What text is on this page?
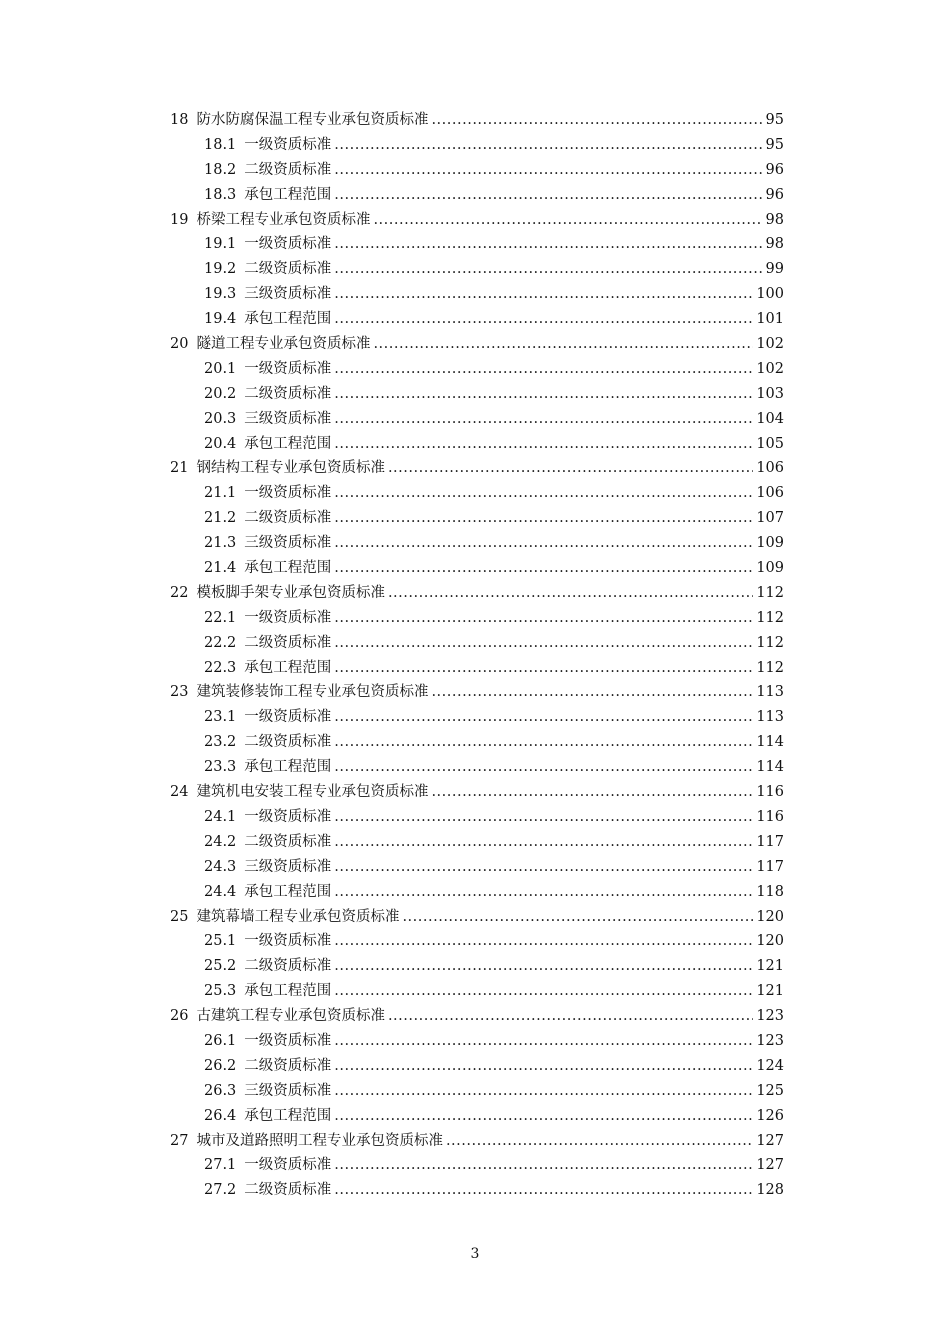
18 防水防腐保温工程专业承包资质标准 .....	95
18.1 一级资质标准 .....	95
18.2 二级资质标准 .....	96
18.3 承包工程范围 .....	96
19 桥梁工程专业承包资质标准 .....	98
19.1 一级资质标准 .....	98
19.2 二级资质标准 .....	99
19.3 三级资质标准 .....	100
19.4 承包工程范围 .....	101
20 隧道工程专业承包资质标准 .....	102
20.1 一级资质标准 .....	102
20.2 二级资质标准 .....	103
20.3 三级资质标准 .....	104
20.4 承包工程范围 .....	105
21 钢结构工程专业承包资质标准 .....	106
21.1 一级资质标准 .....	106
21.2 二级资质标准 .....	107
21.3 三级资质标准 .....	109
21.4 承包工程范围 .....	109
22 模板脚手架专业承包资质标准 .....	112
22.1 一级资质标准 .....	112
22.2 二级资质标准 .....	112
22.3 承包工程范围 .....	112
23 建筑装修装饰工程专业承包资质标准 .....	113
23.1 一级资质标准 .....	113
23.2 二级资质标准 .....	114
23.3 承包工程范围 .....	114
24 建筑机电安装工程专业承包资质标准 .....	116
24.1 一级资质标准 .....	116
24.2 二级资质标准 .....	117
24.3 三级资质标准 .....	117
24.4 承包工程范围 .....	118
25 建筑幕墙工程专业承包资质标准 .....	120
25.1 一级资质标准 .....	120
25.2 二级资质标准 .....	121
25.3 承包工程范围 .....	121
26 古建筑工程专业承包资质标准 .....	123
26.1 一级资质标准 .....	123
26.2 二级资质标准 .....	124
26.3 三级资质标准 .....	125
26.4 承包工程范围 .....	126
27 城市及道路照明工程专业承包资质标准 .....	127
27.1 一级资质标准 .....	127
27.2 二级资质标准 .....	128
3
